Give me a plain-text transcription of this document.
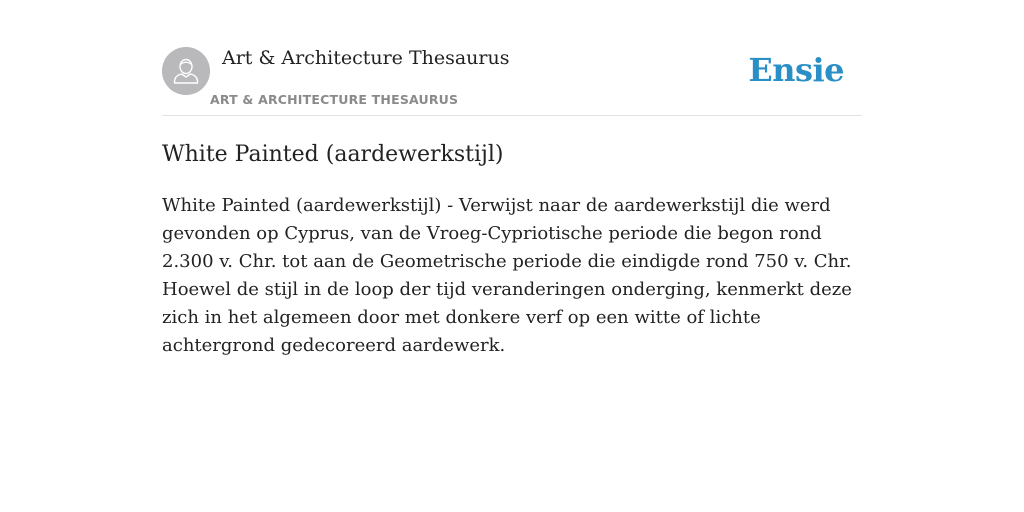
Art & Architecture Thesaurus
ART & ARCHITECTURE THESAURUS
Ensie
White Painted (aardewerkstijl)

White Painted (aardewerkstijl) - Verwijst naar de aardewerkstijl die werd gevonden op Cyprus, van de Vroeg-Cypriotische periode die begon rond 2.300 v. Chr. tot aan de Geometrische periode die eindigde rond 750 v. Chr. Hoewel de stijl in de loop der tijd veranderingen onderging, kenmerkt deze zich in het algemeen door met donkere verf op een witte of lichte achtergrond gedecoreerd aardewerk.
